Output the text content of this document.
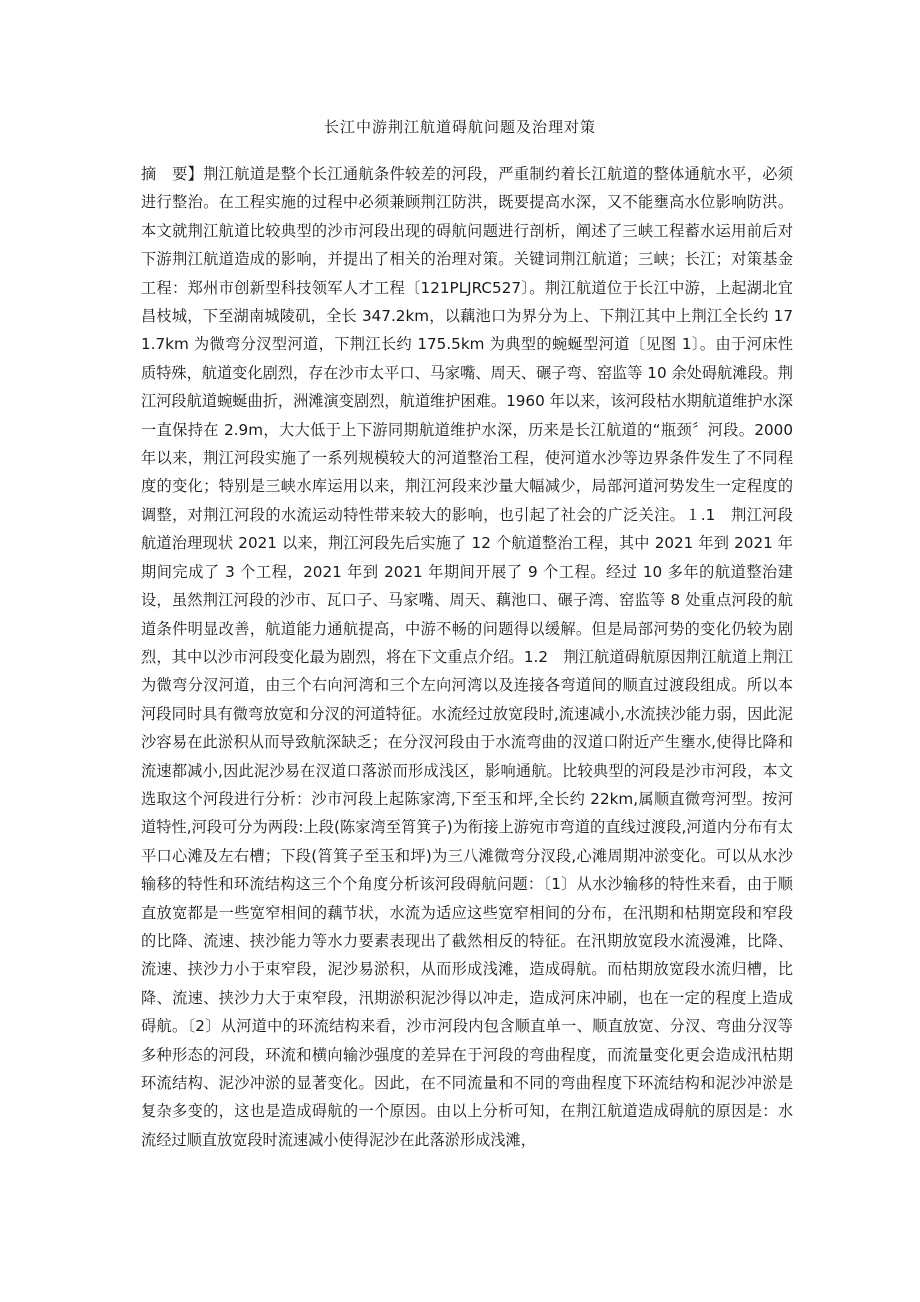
长江中游荆江航道碍航问题及治理对策

摘　要】荆江航道是整个长江通航条件较差的河段，严重制约着长江航道的整体通航水平，必须进行整治。在工程实施的过程中必须兼顾荆江防洪，既要提高水深，又不能壅高水位影响防洪。本文就荆江航道比较典型的沙市河段出现的碍航问题进行剖析，阐述了三峡工程蓄水运用前后对下游荆江航道造成的影响，并提出了相关的治理对策。关键词荆江航道；三峡；长江；对策基金工程：郑州市创新型科技领军人才工程〔121PLJRC527〕。荆江航道位于长江中游，上起湖北宜昌枝城，下至湖南城陵矶，全长 347.2km，以藕池口为界分为上、下荆江其中上荆江全长约 171.7km 为微弯分汊型河道，下荆江长约 175.5km 为典型的蜿蜒型河道〔见图 1〕。由于河床性质特殊，航道变化剧烈，存在沙市太平口、马家嘴、周天、碾子弯、窑监等 10 余处碍航滩段。荆江河段航道蜿蜒曲折，洲滩演变剧烈，航道维护困难。1960 年以来，该河段枯水期航道维护水深一直保持在 2.9m，大大低于上下游同期航道维护水深，历来是长江航道的“瓶颈〞河段。2000 年以来，荆江河段实施了一系列规模较大的河道整治工程，使河道水沙等边界条件发生了不同程度的变化；特别是三峡水库运用以来，荆江河段来沙量大幅减少，局部河道河势发生一定程度的调整，对荆江河段的水流运动特性带来较大的影响，也引起了社会的广泛关注。１.1　荆江河段航道治理现状 2021 以来，荆江河段先后实施了 12 个航道整治工程，其中 2021 年到 2021 年期间完成了 3 个工程，2021 年到 2021 年期间开展了 9 个工程。经过 10 多年的航道整治建设，虽然荆江河段的沙市、瓦口子、马家嘴、周天、藕池口、碾子湾、窑监等 8 处重点河段的航道条件明显改善，航道能力通航提高，中游不畅的问题得以缓解。但是局部河势的变化仍较为剧烈，其中以沙市河段变化最为剧烈，将在下文重点介绍。1.2　荆江航道碍航原因荆江航道上荆江为微弯分汊河道，由三个右向河湾和三个左向河湾以及连接各弯道间的顺直过渡段组成。所以本河段同时具有微弯放宽和分汊的河道特征。水流经过放宽段时,流速减小,水流挟沙能力弱，因此泥沙容易在此淤积从而导致航深缺乏；在分汊河段由于水流弯曲的汊道口附近产生壅水,使得比降和流速都减小,因此泥沙易在汊道口落淤而形成浅区，影响通航。比较典型的河段是沙市河段，本文选取这个河段进行分析：沙市河段上起陈家湾,下至玉和坪,全长约 22km,属顺直微弯河型。按河道特性,河段可分为两段:上段(陈家湾至筲箕子)为衔接上游宛市弯道的直线过渡段,河道内分布有太平口心滩及左右槽；下段(筲箕子至玉和坪)为三八滩微弯分汊段,心滩周期冲淤变化。可以从水沙输移的特性和环流结构这三个个角度分析该河段碍航问题：〔1〕从水沙输移的特性来看，由于顺直放宽都是一些宽窄相间的藕节状，水流为适应这些宽窄相间的分布，在汛期和枯期宽段和窄段的比降、流速、挟沙能力等水力要素表现出了截然相反的特征。在汛期放宽段水流漫滩，比降、流速、挟沙力小于束窄段，泥沙易淤积，从而形成浅滩，造成碍航。而枯期放宽段水流归槽，比降、流速、挟沙力大于束窄段，汛期淤积泥沙得以冲走，造成河床冲刷，也在一定的程度上造成碍航。〔2〕从河道中的环流结构来看，沙市河段内包含顺直单一、顺直放宽、分汊、弯曲分汊等多种形态的河段，环流和横向输沙强度的差异在于河段的弯曲程度，而流量变化更会造成汛枯期环流结构、泥沙冲淤的显著变化。因此，在不同流量和不同的弯曲程度下环流结构和泥沙冲淤是复杂多变的，这也是造成碍航的一个原因。由以上分析可知，在荆江航道造成碍航的原因是：水流经过顺直放宽段时流速减小使得泥沙在此落淤形成浅滩，
